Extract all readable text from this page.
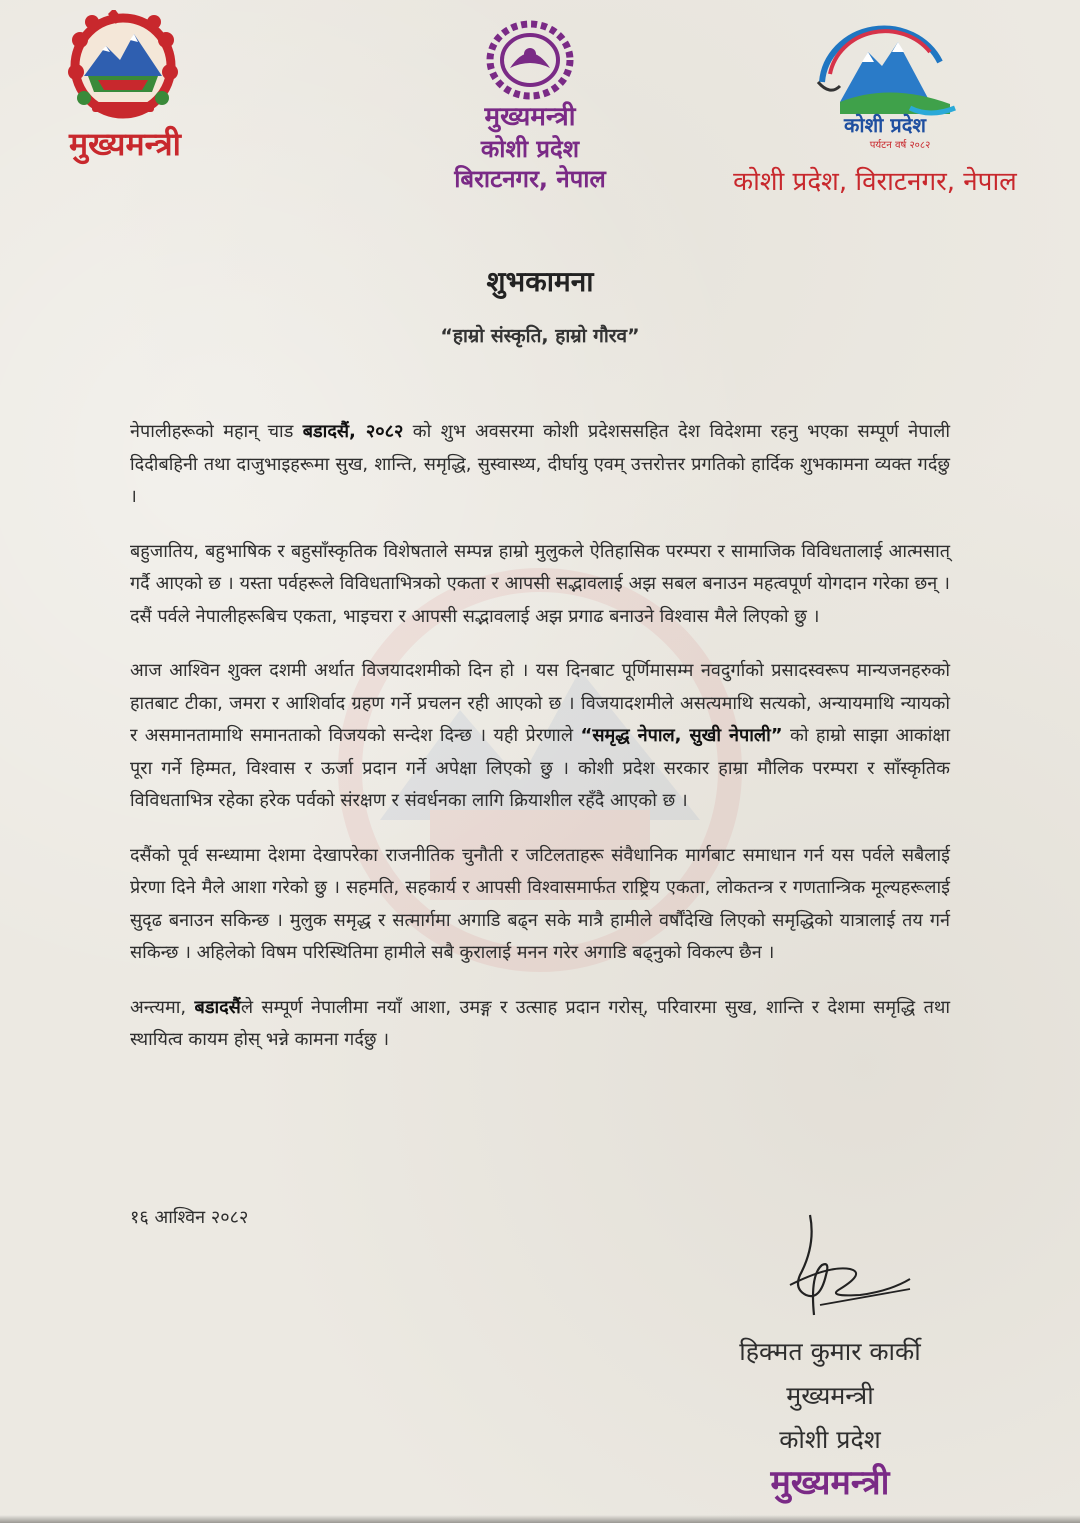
मुख्यमन्त्री
मुख्यमन्त्री
कोशी प्रदेश
बिराटनगर, नेपाल
कोशी प्रदेश
पर्यटन वर्ष २०८२
कोशी प्रदेश, विराटनगर, नेपाल
शुभकामना
“हाम्रो संस्कृति, हाम्रो गौरव”

नेपालीहरूको महान् चाड बडादसैं, २०८२ को शुभ अवसरमा कोशी प्रदेशससहित देश विदेशमा रहनु भएका सम्पूर्ण नेपाली दिदीबहिनी तथा दाजुभाइहरूमा सुख, शान्ति, समृद्धि, सुस्वास्थ्य, दीर्घायु एवम् उत्तरोत्तर प्रगतिको हार्दिक शुभकामना व्यक्त गर्दछु ।

बहुजातिय, बहुभाषिक र बहुसाँस्कृतिक विशेषताले सम्पन्न हाम्रो मुलुकले ऐतिहासिक परम्परा र सामाजिक विविधतालाई आत्मसात् गर्दै आएको छ । यस्ता पर्वहरूले विविधताभित्रको एकता र आपसी सद्भावलाई अझ सबल बनाउन महत्वपूर्ण योगदान गरेका छन् । दसैं पर्वले नेपालीहरूबिच एकता, भाइचरा र आपसी सद्भावलाई अझ प्रगाढ बनाउने विश्वास मैले लिएको छु ।

आज आश्विन शुक्ल दशमी अर्थात विजयादशमीको दिन हो । यस दिनबाट पूर्णिमासम्म नवदुर्गाको प्रसादस्वरूप मान्यजनहरुको हातबाट टीका, जमरा र आशिर्वाद ग्रहण गर्ने प्रचलन रही आएको छ । विजयादशमीले असत्यमाथि सत्यको, अन्यायमाथि न्यायको र असमानतामाथि समानताको विजयको सन्देश दिन्छ । यही प्रेरणाले “समृद्ध नेपाल, सुखी नेपाली” को हाम्रो साझा आकांक्षा पूरा गर्ने हिम्मत, विश्वास र ऊर्जा प्रदान गर्ने अपेक्षा लिएको छु । कोशी प्रदेश सरकार हाम्रा मौलिक परम्परा र साँस्कृतिक विविधताभित्र रहेका हरेक पर्वको संरक्षण र संवर्धनका लागि क्रियाशील रहँदै आएको छ ।

दसैंको पूर्व सन्ध्यामा देशमा देखापरेका राजनीतिक चुनौती र जटिलताहरू संवैधानिक मार्गबाट समाधान गर्न यस पर्वले सबैलाई प्रेरणा दिने मैले आशा गरेको छु । सहमति, सहकार्य र आपसी विश्वासमार्फत राष्ट्रिय एकता, लोकतन्त्र र गणतान्त्रिक मूल्यहरूलाई सुदृढ बनाउन सकिन्छ । मुलुक समृद्ध र सत्मार्गमा अगाडि बढ्न सके मात्रै हामीले वर्षौंदेखि लिएको समृद्धिको यात्रालाई तय गर्न सकिन्छ । अहिलेको विषम परिस्थितिमा हामीले सबै कुरालाई मनन गरेर अगाडि बढ्नुको विकल्प छैन ।

अन्त्यमा, बडादसैंले सम्पूर्ण नेपालीमा नयाँ आशा, उमङ्ग र उत्साह प्रदान गरोस्, परिवारमा सुख, शान्ति र देशमा समृद्धि तथा स्थायित्व कायम होस् भन्ने कामना गर्दछु ।

१६ आश्विन २०८२
हिक्मत कुमार कार्की
मुख्यमन्त्री
कोशी प्रदेश
मुख्यमन्त्री
